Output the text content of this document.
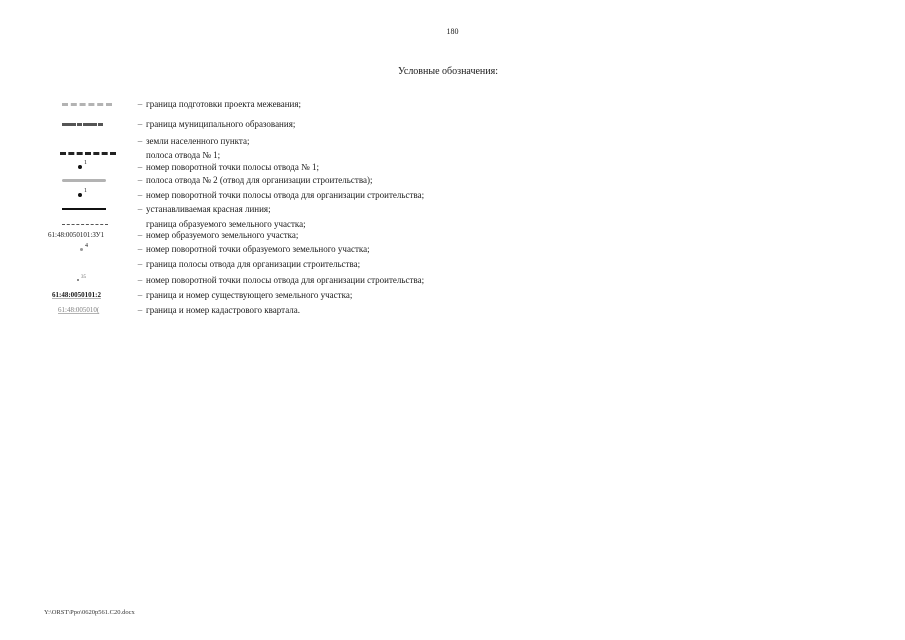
180
Условные обозначения:
– граница подготовки проекта межевания;
– граница муниципального образования;
– земли населенного пункта;
полоса отвода № 1;
1	– номер поворотной точки полосы отвода № 1;
– полоса отвода № 2 (отвод для организации строительства);
1	– номер поворотной точки полосы отвода для организации строительства;
– устанавливаемая красная линия;
граница образуемого земельного участка;
61:48:0050101:ЗУ1	– номер образуемого земельного участка;
4	– номер поворотной точки образуемого земельного участка;
– граница полосы отвода для организации строительства;
35	– номер поворотной точки полосы отвода для организации строительства;
61:48:0050101:2	– граница и номер существующего земельного участка;
61:48:005010(	– граница и номер кадастрового квартала.
Y:\ORST\Ppo\0620p561.C20.docx
